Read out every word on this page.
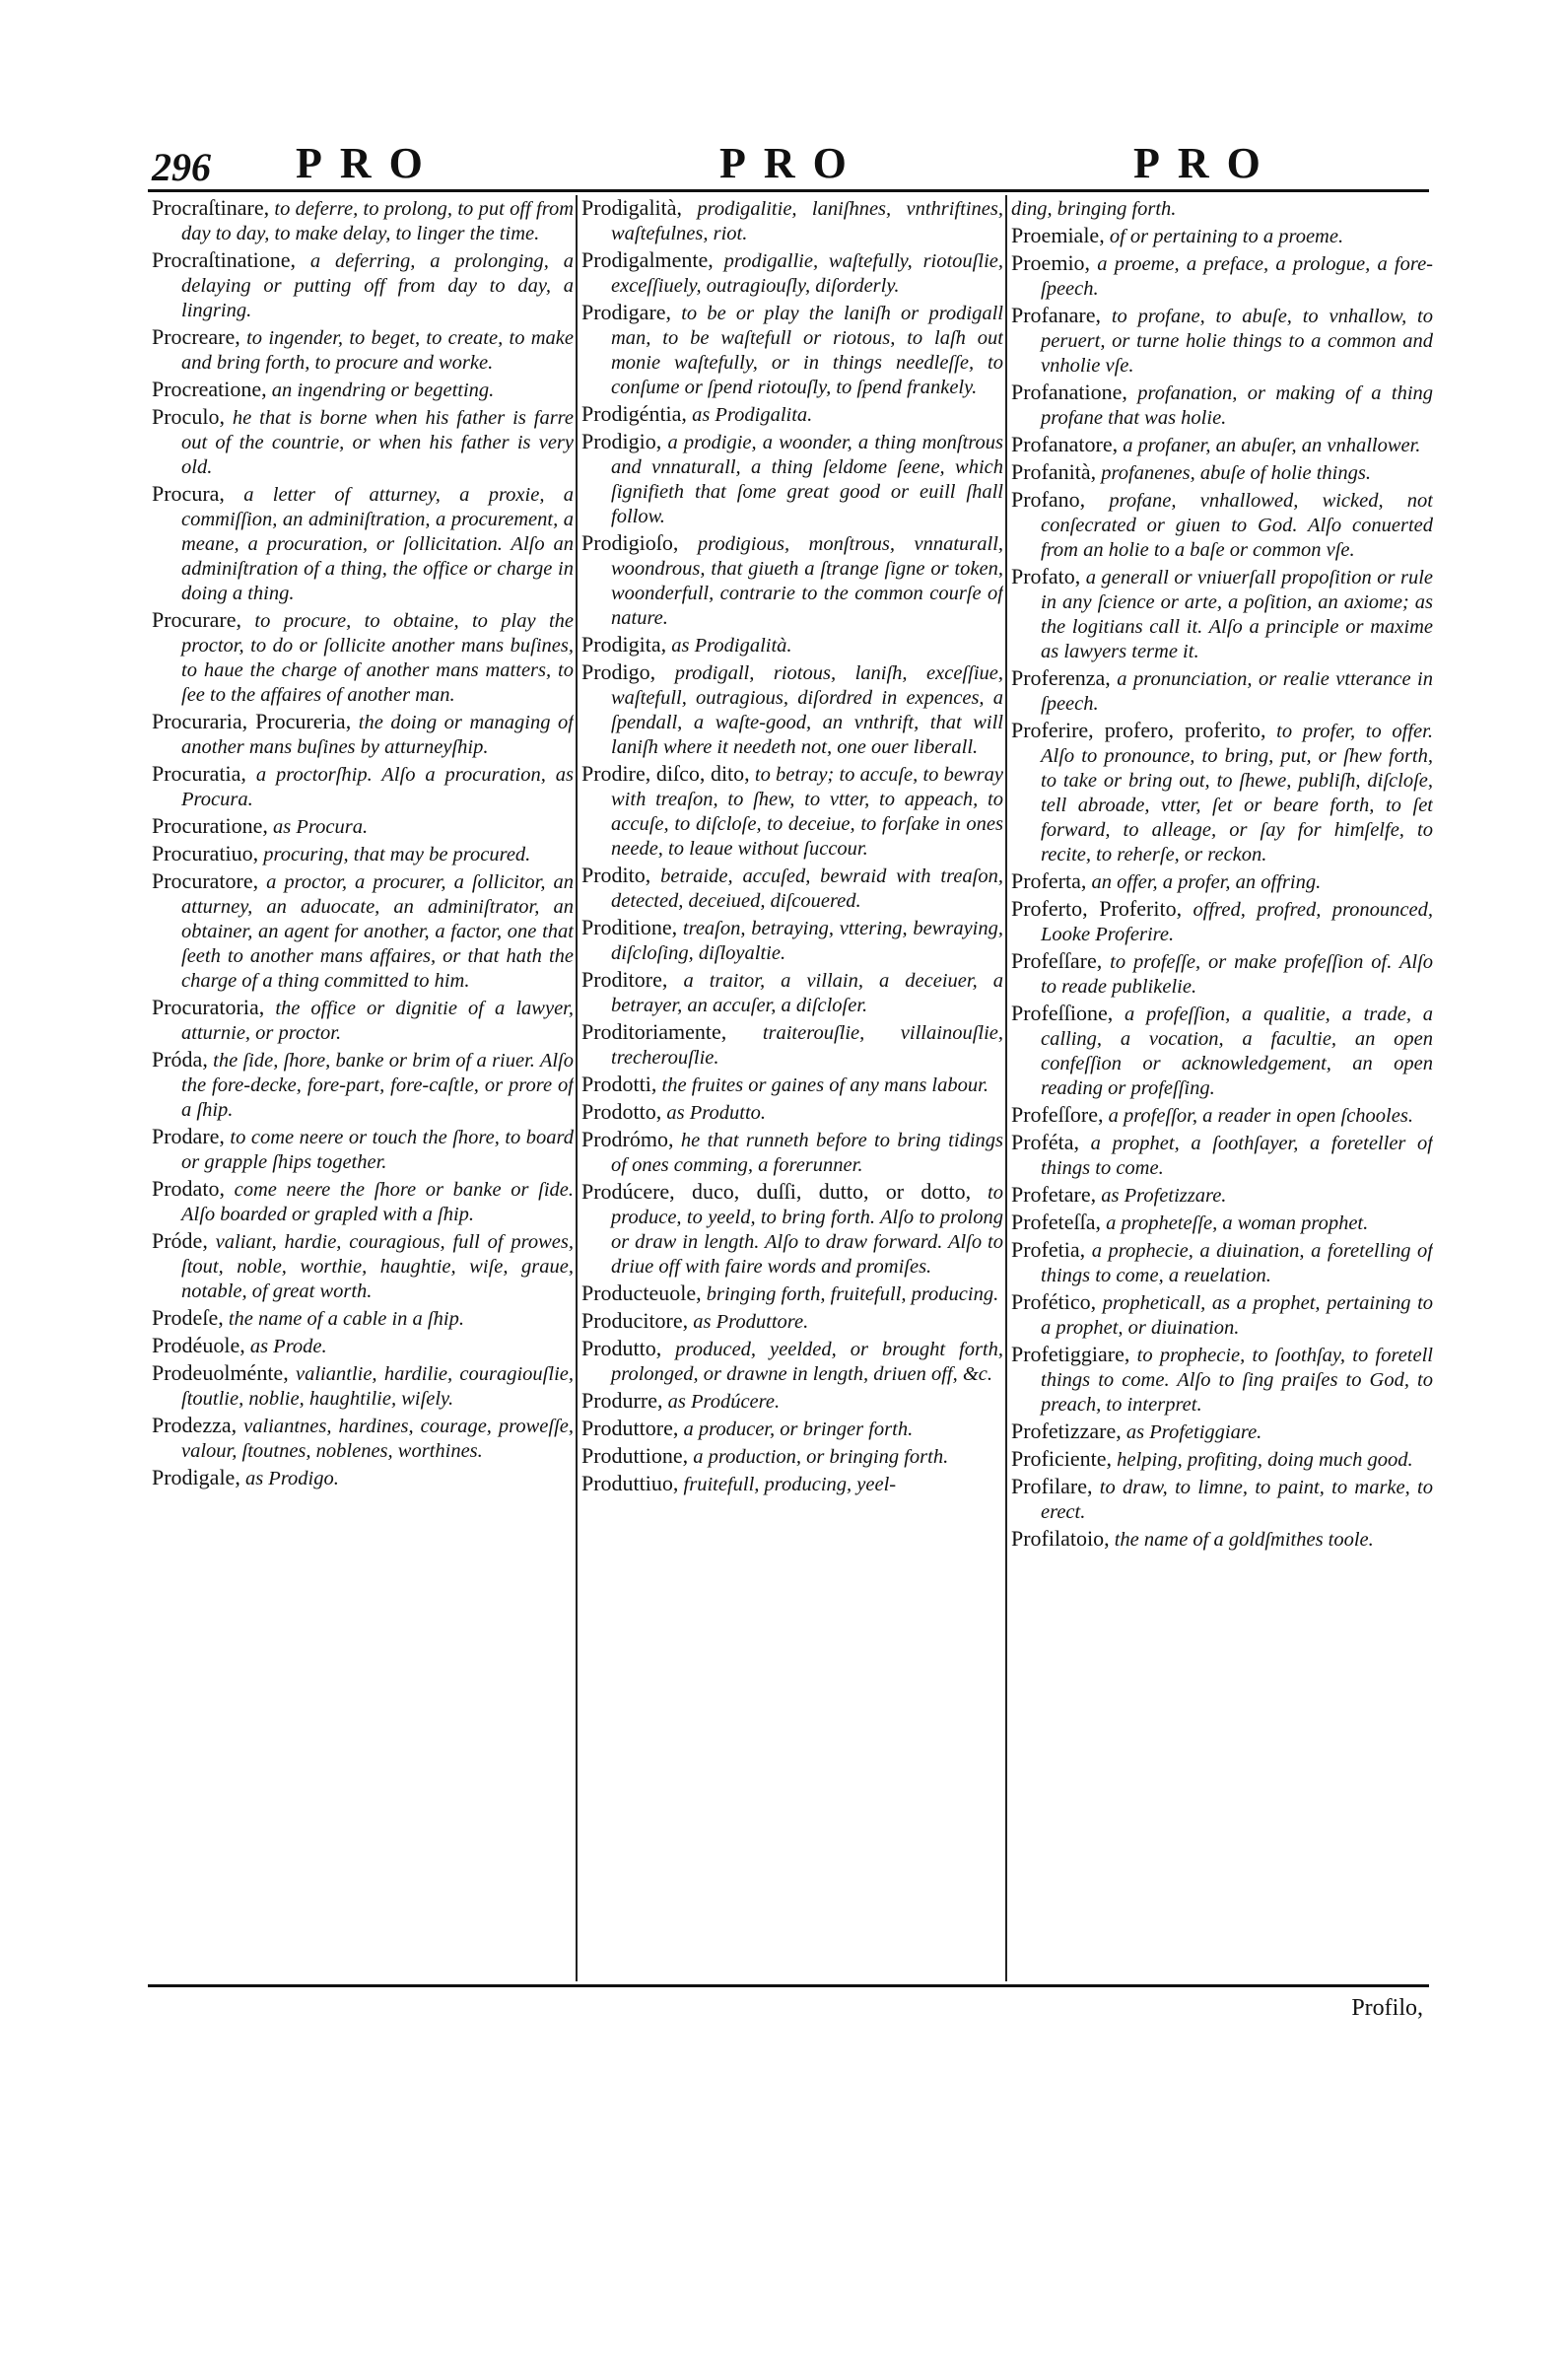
296 PRO	PRO	PRO

Procraſtinare, to deferre, to prolong, to put off from day to day, to make delay, to linger the time.

Procraſtinatione, a deferring, a prolonging, a delaying or putting off from day to day, a lingring.

Procreare, to ingender, to beget, to create, to make and bring forth, to procure and worke.

Procreatione, an ingendring or begetting.

Proculo, he that is borne when his father is farre out of the countrie, or when his father is very old.

Procura, a letter of atturney, a proxie, a commiſſion, an adminiſtration, a procurement, a meane, a procuration, or ſollicitation. Alſo an adminiſtration of a thing, the office or charge in doing a thing.

Procurare, to procure, to obtaine, to play the proctor, to do or ſollicite another mans buſines, to haue the charge of another mans matters, to ſee to the affaires of another man.

Procuraria, Procureria, the doing or managing of another mans buſines by atturneyſhip.

Procuratia, a proctorſhip. Alſo a procuration, as Procura.

Procuratione, as Procura.

Procuratiuo, procuring, that may be procured.

Procuratore, a proctor, a procurer, a ſollicitor, an atturney, an aduocate, an adminiſtrator, an obtainer, an agent for another, a factor, one that ſeeth to another mans affaires, or that hath the charge of a thing committed to him.

Procuratoria, the office or dignitie of a lawyer, atturnie, or proctor.

Próda, the ſide, ſhore, banke or brim of a riuer. Alſo the fore-decke, fore-part, fore-caſtle, or prore of a ſhip.

Prodare, to come neere or touch the ſhore, to board or grapple ſhips together.

Prodato, come neere the ſhore or banke or ſide. Alſo boarded or grapled with a ſhip.

Próde, valiant, hardie, couragious, full of prowes, ſtout, noble, worthie, haughtie, wiſe, graue, notable, of great worth.

Prodeſe, the name of a cable in a ſhip.

Prodéuole, as Prode.

Prodeuolménte, valiantlie, hardilie, couragiouſlie, ſtoutlie, noblie, haughtilie, wiſely.

Prodezza, valiantnes, hardines, courage, proweſſe, valour, ſtoutnes, noblenes, worthines.

Prodigale, as Prodigo.

Prodigalità, prodigalitie, laniſhnes, vnthriftines, waſtefulnes, riot.

Prodigalmente, prodigallie, waſtefully, riotouſlie, exceſſiuely, outragiouſly, diſorderly.

Prodigare, to be or play the laniſh or prodigall man, to be waſtefull or riotous, to laſh out monie waſtefully, or in things needleſſe, to conſume or ſpend riotouſly, to ſpend frankely.

Prodigéntia, as Prodigalita.

Prodigio, a prodigie, a woonder, a thing monſtrous and vnnaturall, a thing ſeldome ſeene, which ſignifieth that ſome great good or euill ſhall follow.

Prodigioſo, prodigious, monſtrous, vnnaturall, woondrous, that giueth a ſtrange ſigne or token, woonderfull, contrarie to the common courſe of nature.

Prodigita, as Prodigalità.

Prodigo, prodigall, riotous, laniſh, exceſſiue, waſtefull, outragious, diſordred in expences, a ſpendall, a waſte-good, an vnthrift, that will laniſh where it needeth not, one ouer liberall.

Prodire, diſco, dito, to betray; to accuſe, to bewray with treaſon, to ſhew, to vtter, to appeach, to accuſe, to diſcloſe, to deceiue, to forſake in ones neede, to leaue without ſuccour.

Prodito, betraide, accuſed, bewraid with treaſon, detected, deceiued, diſcouered.

Proditione, treaſon, betraying, vttering, bewraying, diſcloſing, diſloyaltie.

Proditore, a traitor, a villain, a deceiuer, a betrayer, an accuſer, a diſcloſer.

Proditoriamente, traiterouſlie, villainouſlie, trecherouſlie.

Prodotti, the fruites or gaines of any mans labour.

Prodotto, as Produtto.

Prodrómo, he that runneth before to bring tidings of ones comming, a forerunner.

Prodúcere, duco, duſſi, dutto, or dotto, to produce, to yeeld, to bring forth. Alſo to prolong or draw in length. Alſo to draw forward. Alſo to driue off with faire words and promiſes.

Producteuole, bringing forth, fruitefull, producing.

Producitore, as Produttore.

Produtto, produced, yeelded, or brought forth, prolonged, or drawne in length, driuen off, &c.

Produrre, as Prodúcere.

Produttore, a producer, or bringer forth.

Produttione, a production, or bringing forth.

Produttiuo, fruitefull, producing, yeel-

ding, bringing forth.

Proemiale, of or pertaining to a proeme.

Proemio, a proeme, a preface, a prologue, a fore-ſpeech.

Profanare, to profane, to abuſe, to vnhallow, to peruert, or turne holie things to a common and vnholie vſe.

Profanatione, profanation, or making of a thing profane that was holie.

Profanatore, a profaner, an abuſer, an vnhallower.

Profanità, profanenes, abuſe of holie things.

Profano, profane, vnhallowed, wicked, not conſecrated or giuen to God. Alſo conuerted from an holie to a baſe or common vſe.

Profato, a generall or vniuerſall propoſition or rule in any ſcience or arte, a poſition, an axiome; as the logitians call it. Alſo a principle or maxime as lawyers terme it.

Proferenza, a pronunciation, or realie vtterance in ſpeech.

Proferire, profero, proferito, to profer, to offer. Alſo to pronounce, to bring, put, or ſhew forth, to take or bring out, to ſhewe, publiſh, diſcloſe, tell abroade, vtter, ſet or beare forth, to ſet forward, to alleage, or ſay for himſelfe, to recite, to reherſe, or reckon.

Proferta, an offer, a profer, an offring.

Proferto, Proferito, offred, profred, pronounced, Looke Proferire.

Profeſſare, to profeſſe, or make profeſſion of. Alſo to reade publikelie.

Profeſſione, a profeſſion, a qualitie, a trade, a calling, a vocation, a facultie, an open confeſſion or acknowledgement, an open reading or profeſſing.

Profeſſore, a profeſſor, a reader in open ſchooles.

Proféta, a prophet, a ſoothſayer, a foreteller of things to come.

Profetare, as Profetizzare.

Profeteſſa, a propheteſſe, a woman prophet.

Profetia, a prophecie, a diuination, a foretelling of things to come, a reuelation.

Profético, propheticall, as a prophet, pertaining to a prophet, or diuination.

Profetiggiare, to prophecie, to ſoothſay, to foretell things to come. Alſo to ſing praiſes to God, to preach, to interpret.

Profetizzare, as Profetiggiare.

Proficiente, helping, profiting, doing much good.

Profilare, to draw, to limne, to paint, to marke, to erect.

Profilatoio, the name of a goldſmithes toole.

Profilo,
